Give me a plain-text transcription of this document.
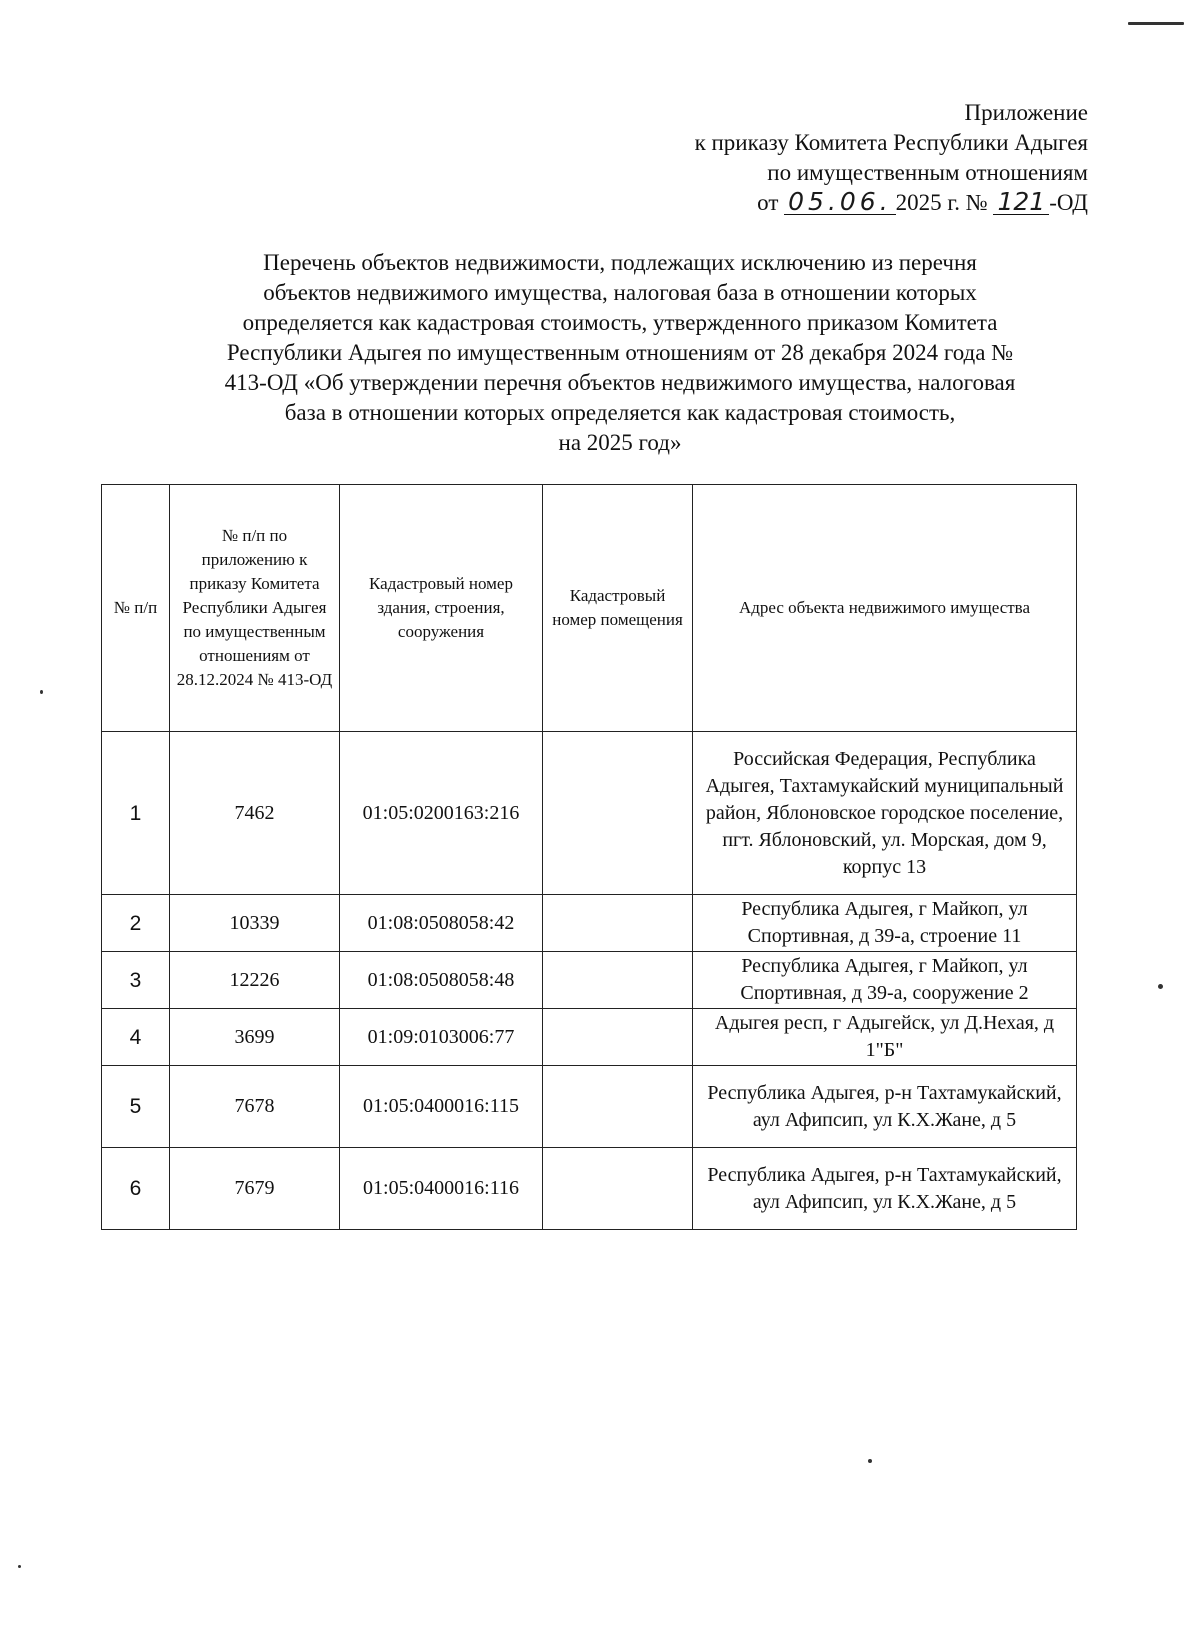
Приложение
к приказу Комитета Республики Адыгея
по имущественным отношениям
от 05.06. 2025 г. № 121 -ОД
Перечень объектов недвижимости, подлежащих исключению из перечня
объектов недвижимого имущества, налоговая база в отношении которых
определяется как кадастровая стоимость, утвержденного приказом Комитета
Республики Адыгея по имущественным отношениям от 28 декабря 2024 года №
413-ОД «Об утверждении перечня объектов недвижимого имущества, налоговая
база в отношении которых определяется как кадастровая стоимость,
на 2025 год»
№ п/п	№ п/п по приложению к приказу Комитета Республики Адыгея по имущественным отношениям от 28.12.2024 № 413-ОД	Кадастровый номер здания, строения, сооружения	Кадастровый номер помещения	Адрес объекта недвижимого имущества
1	7462	01:05:0200163:216		Российская Федерация, Республика Адыгея, Тахтамукайский муниципальный район, Яблоновское городское поселение, пгт. Яблоновский, ул. Морская, дом 9, корпус 13
2	10339	01:08:0508058:42		Республика Адыгея, г Майкоп, ул Спортивная, д 39-а, строение 11
3	12226	01:08:0508058:48		Республика Адыгея, г Майкоп, ул Спортивная, д 39-а, сооружение 2
4	3699	01:09:0103006:77		Адыгея респ, г Адыгейск, ул Д.Нехая, д 1"Б"
5	7678	01:05:0400016:115		Республика Адыгея, р-н Тахтамукайский, аул Афипсип, ул К.Х.Жане, д 5
6	7679	01:05:0400016:116		Республика Адыгея, р-н Тахтамукайский, аул Афипсип, ул К.Х.Жане, д 5
